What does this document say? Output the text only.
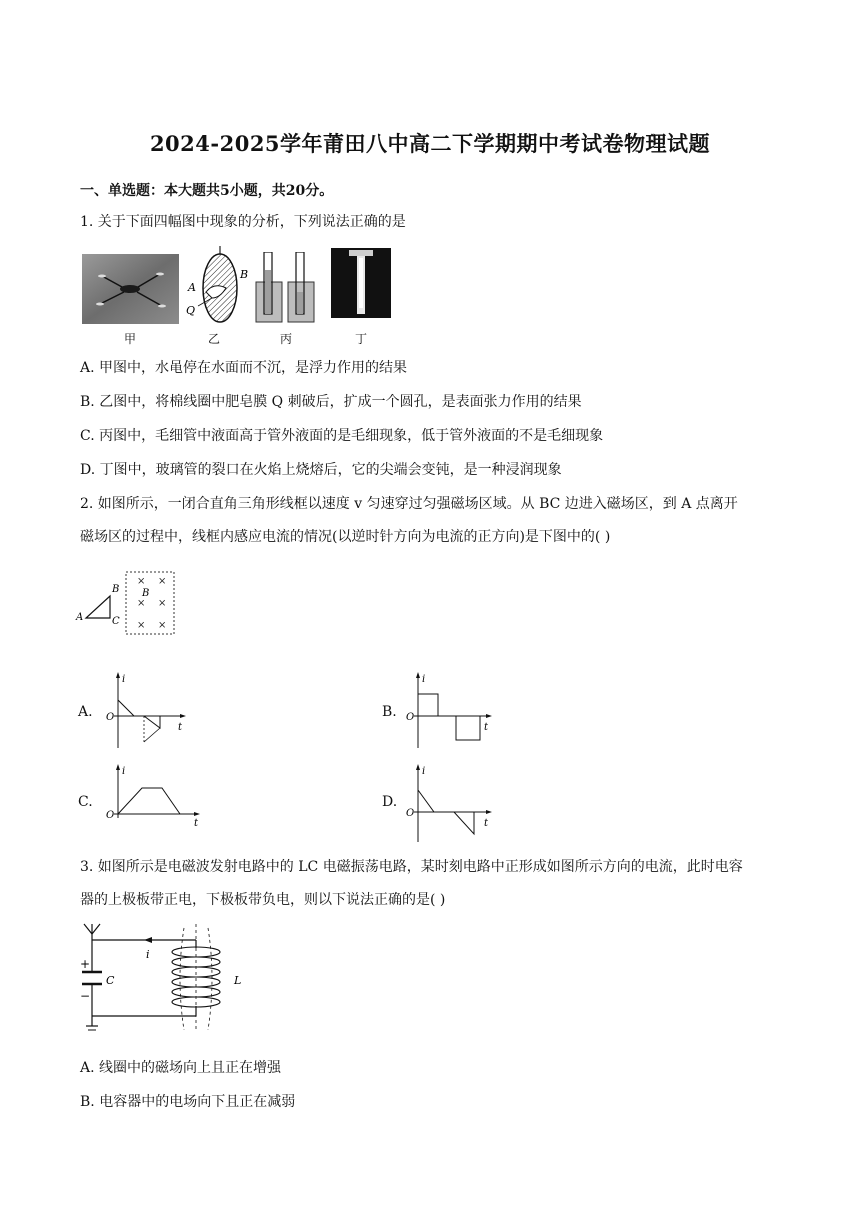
2024-2025学年莆田八中高二下学期期中考试卷物理试题
一、单选题：本大题共5小题，共20分。
1. 关于下面四幅图中现象的分析，下列说法正确的是
甲
A
B
Q
乙	丙	丁
A. 甲图中，水黾停在水面而不沉，是浮力作用的结果
B. 乙图中，将棉线圈中肥皂膜 Q 刺破后，扩成一个圆孔，是表面张力作用的结果
C. 丙图中，毛细管中液面高于管外液面的是毛细现象，低于管外液面的不是毛细现象
D. 丁图中，玻璃管的裂口在火焰上烧熔后，它的尖端会变钝，是一种浸润现象
2. 如图所示，一闭合直角三角形线框以速度 v 匀速穿过匀强磁场区域。从 BC 边进入磁场区，到 A 点离开
磁场区的过程中，线框内感应电流的情况(以逆时针方向为电流的正方向)是下图中的( )
A
B
C
× ×
× ×
× ×
B
A.
i
t
O	B.
i
t
O
C.
i
t
O
D.
i
t
O
3. 如图所示是电磁波发射电路中的 LC 电磁振荡电路，某时刻电路中正形成如图所示方向的电流，此时电容
器的上极板带正电，下极板带负电，则以下说法正确的是( )
i
+
−
C	L
A. 线圈中的磁场向上且正在增强
B. 电容器中的电场向下且正在减弱
